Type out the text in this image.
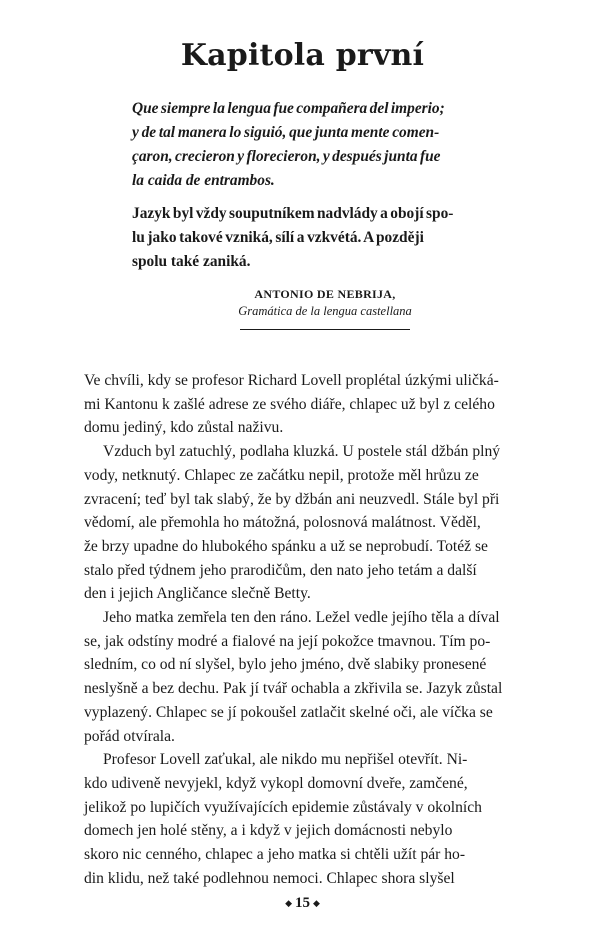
Kapitola první
Que siempre la lengua fue compañera del imperio;
y de tal manera lo siguió, que junta mente comen-
çaron, crecieron y florecieron, y después junta fue
la caida de entrambos.
Jazyk byl vždy souputníkem nadvlády a obojí spo-
lu jako takové vzniká, sílí a vzkvétá. A později
spolu také zaniká.
ANTONIO DE NEBRIJA,
Gramática de la lengua castellana
Ve chvíli, kdy se profesor Richard Lovell proplétal úzkými uličká-
mi Kantonu k zašlé adrese ze svého diáře, chlapec už byl z celého
domu jediný, kdo zůstal naživu.
Vzduch byl zatuchlý, podlaha kluzká. U postele stál džbán plný
vody, netknutý. Chlapec ze začátku nepil, protože měl hrůzu ze
zvracení; teď byl tak slabý, že by džbán ani neuzvedl. Stále byl při
vědomí, ale přemohla ho mátožná, polosnová malátnost. Věděl,
že brzy upadne do hlubokého spánku a už se neprobudí. Totéž se
stalo před týdnem jeho prarodičům, den nato jeho tetám a další
den i jejich Angličance slečně Betty.
Jeho matka zemřela ten den ráno. Ležel vedle jejího těla a díval
se, jak odstíny modré a fialové na její pokožce tmavnou. Tím po-
sledním, co od ní slyšel, bylo jeho jméno, dvě slabiky pronesené
neslyšně a bez dechu. Pak jí tvář ochabla a zkřivila se. Jazyk zůstal
vyplazený. Chlapec se jí pokoušel zatlačit skelné oči, ale víčka se
pořád otvírala.
Profesor Lovell zaťukal, ale nikdo mu nepřišel otevřít. Ni-
kdo udiveně nevyjekl, když vykopl domovní dveře, zamčené,
jelikož po lupičích využívajících epidemie zůstávaly v okolních
domech jen holé stěny, a i když v jejich domácnosti nebylo
skoro nic cenného, chlapec a jeho matka si chtěli užít pár ho-
din klidu, než také podlehnou nemoci. Chlapec shora slyšel
◆ 15 ◆
